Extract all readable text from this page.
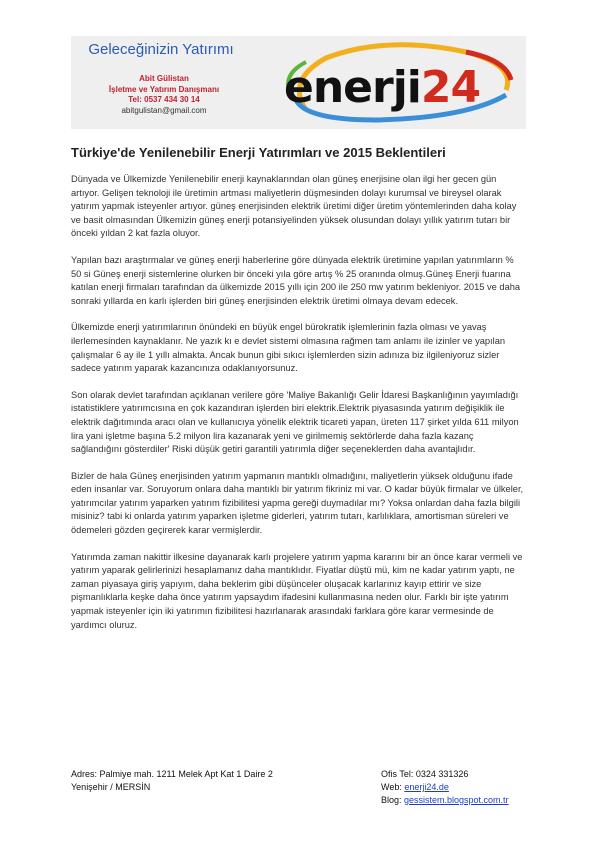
Geleceğinizin Yatırımı
Abit Gülistan
İşletme ve Yatırım Danışmanı
Tel: 0537 434 30 14
abitgulistan@gmail.com	enerji24
Türkiye'de Yenilenebilir Enerji Yatırımları ve 2015 Beklentileri

Dünyada ve Ülkemizde Yenilenebilir enerji kaynaklarından olan güneş enerjisine olan ilgi her gecen gün artıyor. Gelişen teknoloji ile üretimin artması maliyetlerin düşmesinden dolayı kurumsal ve bireysel olarak yatırım yapmak isteyenler artıyor. güneş enerjisinden elektrik üretimi diğer üretim yöntemlerinden daha kolay ve basit olmasından Ülkemizin güneş enerji potansiyelinden yüksek olusundan dolayı yıllık yatırım tutarı bir önceki yıldan 2 kat fazla oluyor.

Yapılan bazı araştırmalar ve güneş enerji haberlerine göre dünyada elektrik üretimine yapılan yatırımların % 50 si Güneş enerji sistemlerine olurken bir önceki yıla göre artış % 25 oranında olmuş.Güneş Enerji fuarına katılan enerji firmaları tarafından da ülkemizde 2015 yıllı için 200 ile 250 mw yatırım bekleniyor. 2015 ve daha sonraki yıllarda en karlı işlerden biri güneş enerjisinden elektrik üretimi olmaya devam edecek.

Ülkemizde enerji yatırımlarının önündeki en büyük engel bürokratik işlemlerinin fazla olması ve yavaş ilerlemesinden kaynaklanır. Ne yazık kı e devlet sistemi olmasına rağmen tam anlamı ile izinler ve yapılan çalışmalar 6 ay ile 1 yıllı almakta. Ancak bunun gibi sıkıcı işlemlerden sizin adınıza biz ilgileniyoruz sizler sadece yatırım yaparak kazancınıza odaklanıyorsunuz.

Son olarak devlet tarafından açıklanan verilere göre 'Maliye Bakanlığı Gelir İdaresi Başkanlığının yayımladığı istatistiklere yatırımcısına en çok kazandıran işlerden biri elektrik.Elektrik piyasasında yatırım değişiklik ile elektrik dağıtımında aracı olan ve kullanıcıya yönelik elektrik ticareti yapan, üreten 117 şirket yılda 611 milyon lira yani işletme başına 5.2 milyon lira kazanarak yeni ve girilmemiş sektörlerde daha fazla kazanç sağlandığını gösterdiler' Riski düşük getiri garantili yatırımla diğer seçeneklerden daha avantajlıdır.

Bizler de hala Güneş enerjisinden yatırım yapmanın mantıklı olmadığını, maliyetlerin yüksek olduğunu ifade eden insanlar var. Soruyorum onlara daha mantıklı bir yatırım fikriniz mi var. O kadar büyük firmalar ve ülkeler, yatırımcılar yatırım yaparken yatırım fizibilitesi yapma gereği duymadılar mı? Yoksa onlardan daha fazla bilgili misiniz? tabi ki onlarda yatırım yaparken işletme giderleri, yatırım tutarı, karlılıklara, amortisman süreleri ve ödemeleri gözden geçirerek karar vermişlerdir.

Yatırımda zaman nakittir ilkesine dayanarak karlı projelere yatırım yapma kararını bir an önce karar vermeli ve yatırım yaparak gelirlerinizi hesaplamanız daha mantıklıdır. Fiyatlar düştü mü, kim ne kadar yatırım yaptı, ne zaman piyasaya giriş yapıyım, daha beklerim gibi düşünceler oluşacak karlarınız kayıp ettirir ve size pişmanlıklarla keşke daha önce yatırım yapsaydım ifadesini kullanmasına neden olur. Farklı bir işte yatırım yapmak isteyenler için iki yatırımın fizibilitesi hazırlanarak arasındaki farklara göre karar vermesinde de yardımcı oluruz.

Adres: Palmiye mah. 1211 Melek Apt Kat 1 Daire 2
Yenişehir / MERSİN
Ofis Tel: 0324 331326
Web: enerji24.de
Blog: gessistem.blogspot.com.tr
